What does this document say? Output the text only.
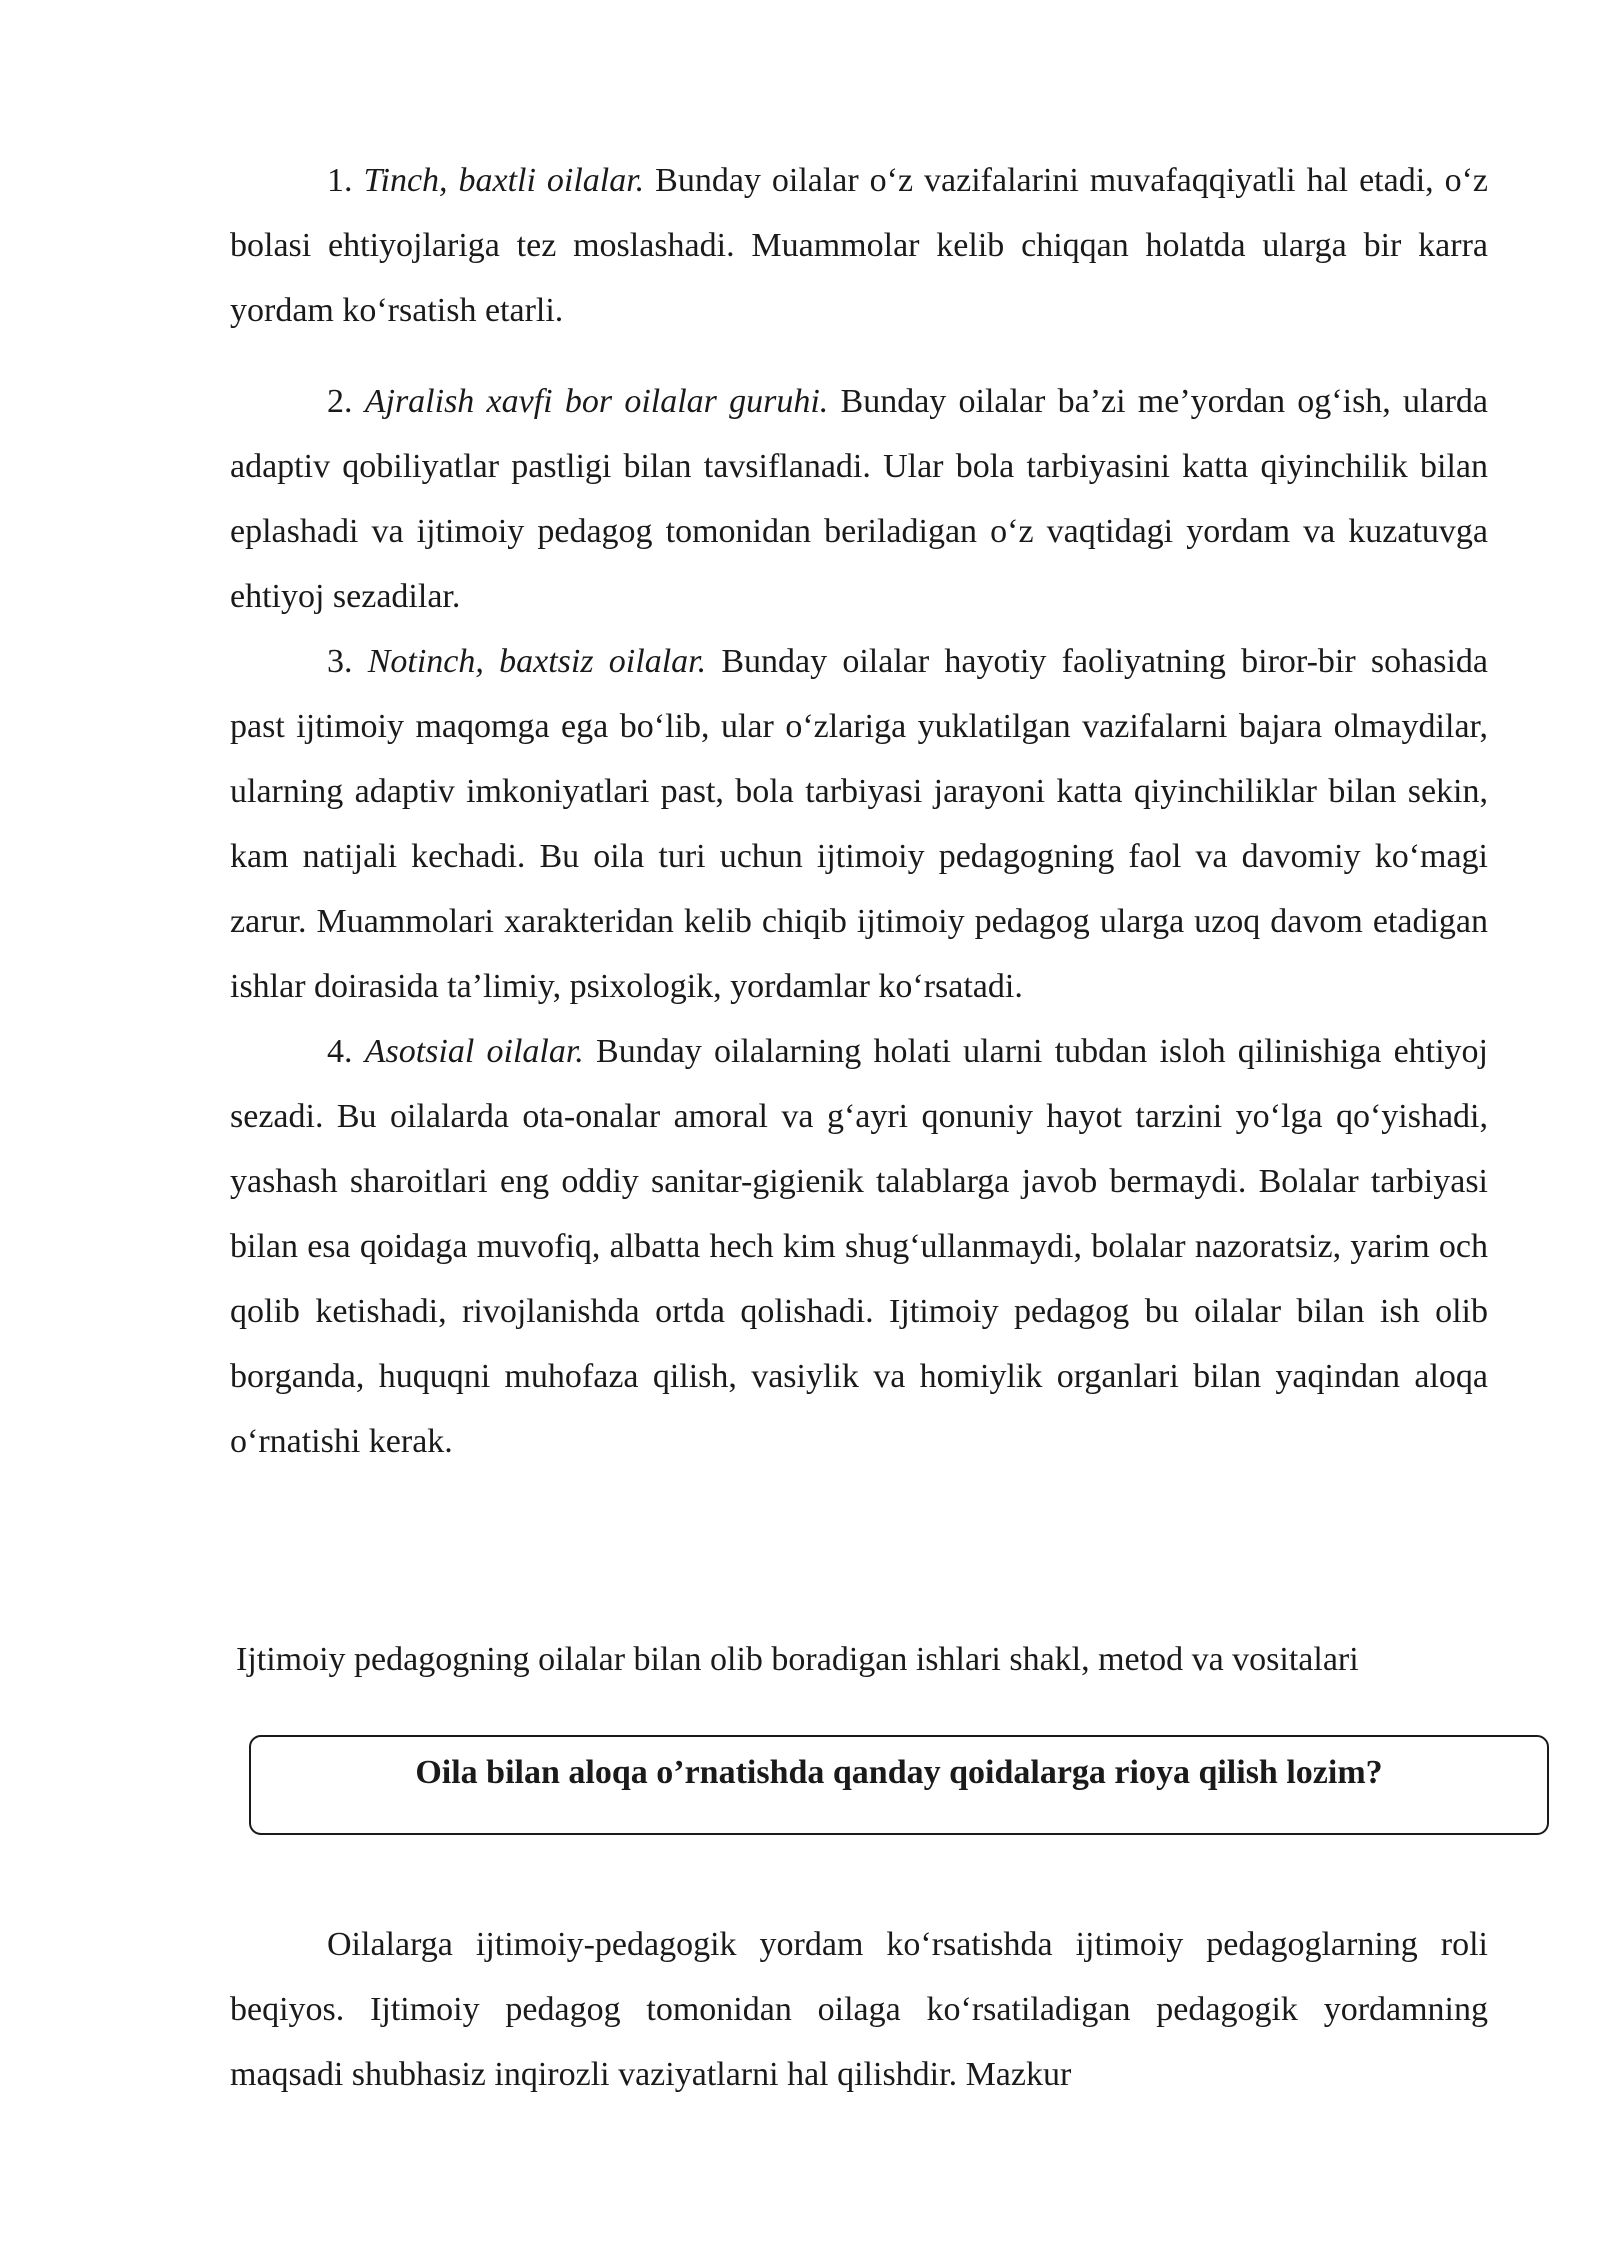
1. Tinch, baxtli oilalar. Bunday oilalar o‘z vazifalarini muvafaqqiyatli hal etadi, o‘z bolasi ehtiyojlariga tez moslashadi. Muammolar kelib chiqqan holatda ularga bir karra yordam ko‘rsatish etarli.

2. Ajralish xavfi bor oilalar guruhi. Bunday oilalar ba’zi me’yordan og‘ish, ularda adaptiv qobiliyatlar pastligi bilan tavsiflanadi. Ular bola tarbiyasini katta qiyinchilik bilan eplashadi va ijtimoiy pedagog tomonidan beriladigan o‘z vaqtidagi yordam va kuzatuvga ehtiyoj sezadilar.

3. Notinch, baxtsiz oilalar. Bunday oilalar hayotiy faoliyatning biror-bir sohasida past ijtimoiy maqomga ega bo‘lib, ular o‘zlariga yuklatilgan vazifalarni bajara olmaydilar, ularning adaptiv imkoniyatlari past, bola tarbiyasi jarayoni katta qiyinchiliklar bilan sekin, kam natijali kechadi. Bu oila turi uchun ijtimoiy pedagogning faol va davomiy ko‘magi zarur. Muammolari xarakteridan kelib chiqib ijtimoiy pedagog ularga uzoq davom etadigan ishlar doirasida ta’limiy, psixologik, yordamlar ko‘rsatadi.

4. Asotsial oilalar. Bunday oilalarning holati ularni tubdan isloh qilinishiga ehtiyoj sezadi. Bu oilalarda ota-onalar amoral va g‘ayri qonuniy hayot tarzini yo‘lga qo‘yishadi, yashash sharoitlari eng oddiy sanitar-gigienik talablarga javob bermaydi. Bolalar tarbiyasi bilan esa qoidaga muvofiq, albatta hech kim shug‘ullanmaydi, bolalar nazoratsiz, yarim och qolib ketishadi, rivojlanishda ortda qolishadi. Ijtimoiy pedagog bu oilalar bilan ish olib borganda, huquqni muhofaza qilish, vasiylik va homiylik organlari bilan yaqindan aloqa o‘rnatishi kerak.

Ijtimoiy pedagogning oilalar bilan olib boradigan ishlari shakl, metod va vositalari
Oila bilan aloqa o’rnatishda qanday qoidalarga rioya qilish lozim?

Oilalarga ijtimoiy-pedagogik yordam ko‘rsatishda ijtimoiy pedagoglarning roli beqiyos. Ijtimoiy pedagog tomonidan oilaga ko‘rsatiladigan pedagogik yordamning maqsadi shubhasiz inqirozli vaziyatlarni hal qilishdir. Mazkur
